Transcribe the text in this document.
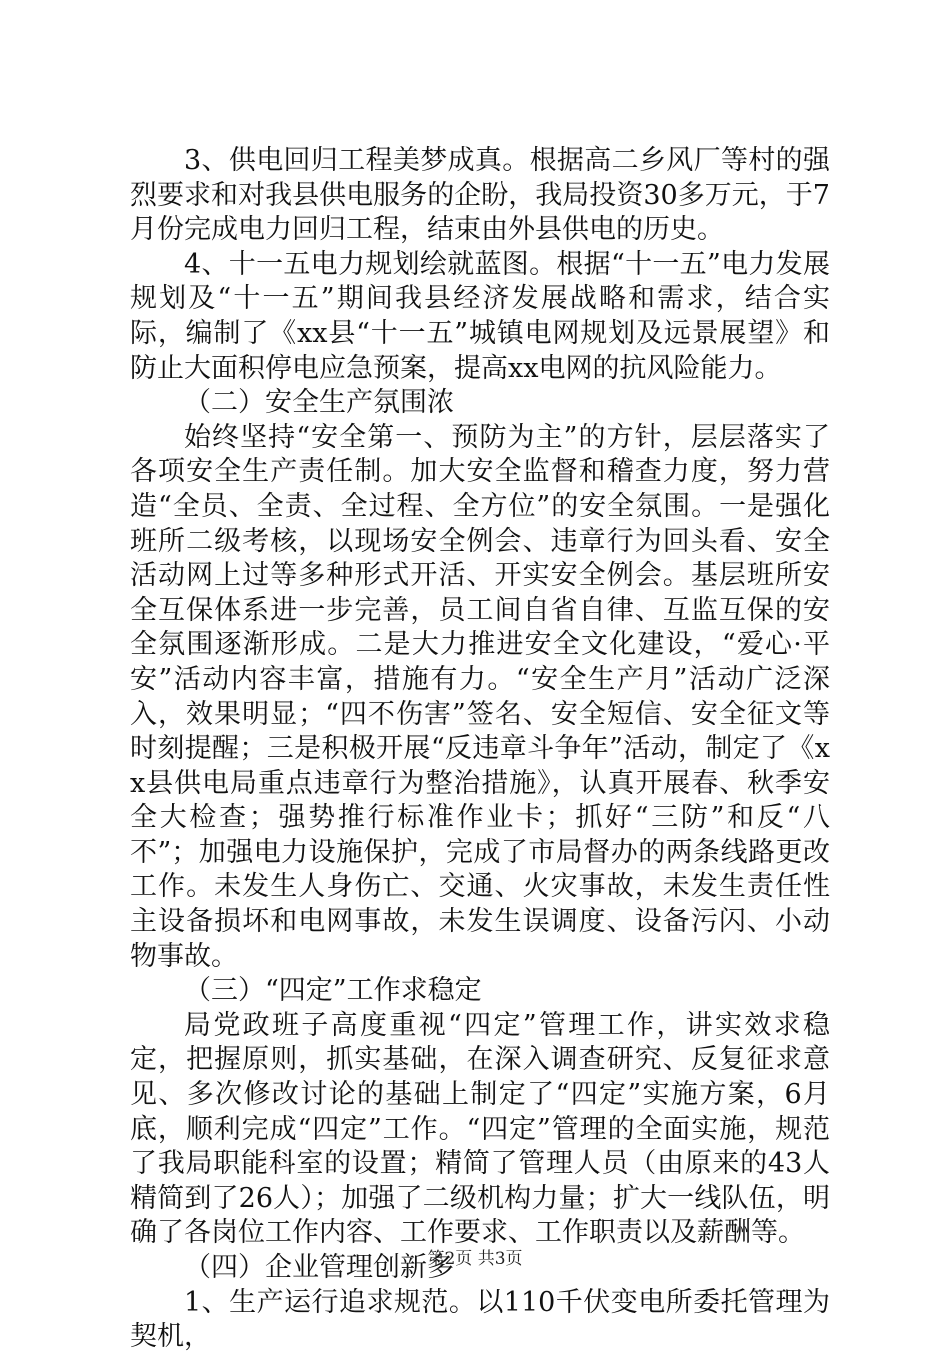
3、供电回归工程美梦成真。根据高二乡风厂等村的强烈要求和对我县供电服务的企盼，我局投资30多万元，于7月份完成电力回归工程，结束由外县供电的历史。

4、十一五电力规划绘就蓝图。根据“十一五”电力发展规划及“十一五”期间我县经济发展战略和需求，结合实际，编制了《xx县“十一五”城镇电网规划及远景展望》和防止大面积停电应急预案，提高xx电网的抗风险能力。

（二）安全生产氛围浓

始终坚持“安全第一、预防为主”的方针，层层落实了各项安全生产责任制。加大安全监督和稽查力度，努力营造“全员、全责、全过程、全方位”的安全氛围。一是强化班所二级考核，以现场安全例会、违章行为回头看、安全活动网上过等多种形式开活、开实安全例会。基层班所安全互保体系进一步完善，员工间自省自律、互监互保的安全氛围逐渐形成。二是大力推进安全文化建设，“爱心·平安”活动内容丰富，措施有力。“安全生产月”活动广泛深入，效果明显；“四不伤害”签名、安全短信、安全征文等时刻提醒；三是积极开展“反违章斗争年”活动，制定了《xx县供电局重点违章行为整治措施》，认真开展春、秋季安全大检查；强势推行标准作业卡；抓好“三防”和反“八不”；加强电力设施保护，完成了市局督办的两条线路更改工作。未发生人身伤亡、交通、火灾事故，未发生责任性主设备损坏和电网事故，未发生误调度、设备污闪、小动物事故。

（三）“四定”工作求稳定

局党政班子高度重视“四定”管理工作，讲实效求稳定，把握原则，抓实基础，在深入调查研究、反复征求意见、多次修改讨论的基础上制定了“四定”实施方案，6月底，顺利完成“四定”工作。“四定”管理的全面实施，规范了我局职能科室的设置；精简了管理人员（由原来的43人精简到了26人）；加强了二级机构力量；扩大一线队伍，明确了各岗位工作内容、工作要求、工作职责以及薪酬等。

（四）企业管理创新多

1、生产运行追求规范。以110千伏变电所委托管理为契机，

第2页 共3页
